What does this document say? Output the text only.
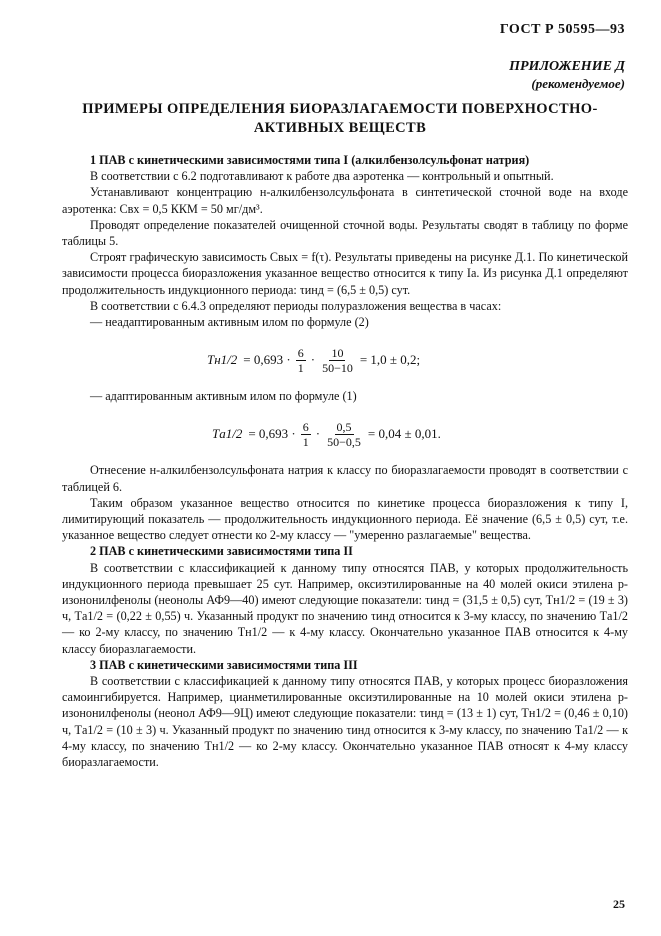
ГОСТ Р 50595—93
ПРИЛОЖЕНИЕ Д
(рекомендуемое)
ПРИМЕРЫ ОПРЕДЕЛЕНИЯ БИОРАЗЛАГАЕМОСТИ ПОВЕРХНОСТНО-
АКТИВНЫХ ВЕЩЕСТВ

1 ПАВ с кинетическими зависимостями типа I (алкилбензолсульфонат натрия)

В соответствии с 6.2 подготавливают к работе два аэротенка — контрольный и опытный.

Устанавливают концентрацию н-алкилбензолсульфоната в синтетической сточной воде на входе аэротенка: Cвх = 0,5 ККМ = 50 мг/дм³.

Проводят определение показателей очищенной сточной воды. Результаты сводят в таблицу по форме таблицы 5.

Строят графическую зависимость Cвых = f(τ). Результаты приведены на рисунке Д.1. По кинетической зависимости процесса биоразложения указанное вещество относится к типу Iа. Из рисунка Д.1 определяют продолжительность индукционного периода: τинд = (6,5 ± 0,5) сут.

В соответствии с 6.4.3 определяют периоды полуразложения вещества в часах:

— неадаптированным активным илом по формуле (2)

$Tн1/2 = 0,693 \cdot \frac{6}{1} \cdot \frac{10}{50-10} = 1,0 \pm 0,2$;

— адаптированным активным илом по формуле (1)

$Tа1/2 = 0,693 \cdot \frac{6}{1} \cdot \frac{0,5}{50-0,5} = 0,04 \pm 0,01$.

Отнесение н-алкилбензолсульфоната натрия к классу по биоразлагаемости проводят в соответствии с таблицей 6.

Таким образом указанное вещество относится по кинетике процесса биоразложения к типу I, лимитирующий показатель — продолжительность индукционного периода. Её значение (6,5 ± 0,5) сут, т.е. указанное вещество следует отнести ко 2-му классу — "умеренно разлагаемые" вещества.

2 ПАВ с кинетическими зависимостями типа II

В соответствии с классификацией к данному типу относятся ПАВ, у которых продолжительность индукционного периода превышает 25 сут. Например, оксиэтилированные на 40 молей окиси этилена р-изононилфенолы (неонолы АФ9—40) имеют следующие показатели: τинд = (31,5 ± 0,5) сут, Tн1/2 = (19 ± 3) ч, Tа1/2 = (0,22 ± 0,55) ч. Указанный продукт по значению τинд относится к 3-му классу, по значению Tа1/2 — ко 2-му классу, по значению Tн1/2 — к 4-му классу. Окончательно указанное ПАВ относится к 4-му классу биоразлагаемости.

3 ПАВ с кинетическими зависимостями типа III

В соответствии с классификацией к данному типу относятся ПАВ, у которых процесс биоразложения самоингибируется. Например, цианметилированные оксиэтилированные на 10 молей окиси этилена р-изононилфенолы (неонол АФ9—9Ц) имеют следующие показатели: τинд = (13 ± 1) сут, Tн1/2 = (0,46 ± 0,10) ч, Tа1/2 = (10 ± 3) ч. Указанный продукт по значению τинд относится к 3-му классу, по значению Tа1/2 — к 4-му классу, по значению Tн1/2 — ко 2-му классу. Окончательно указанное ПАВ относят к 4-му классу биоразлагаемости.

25
